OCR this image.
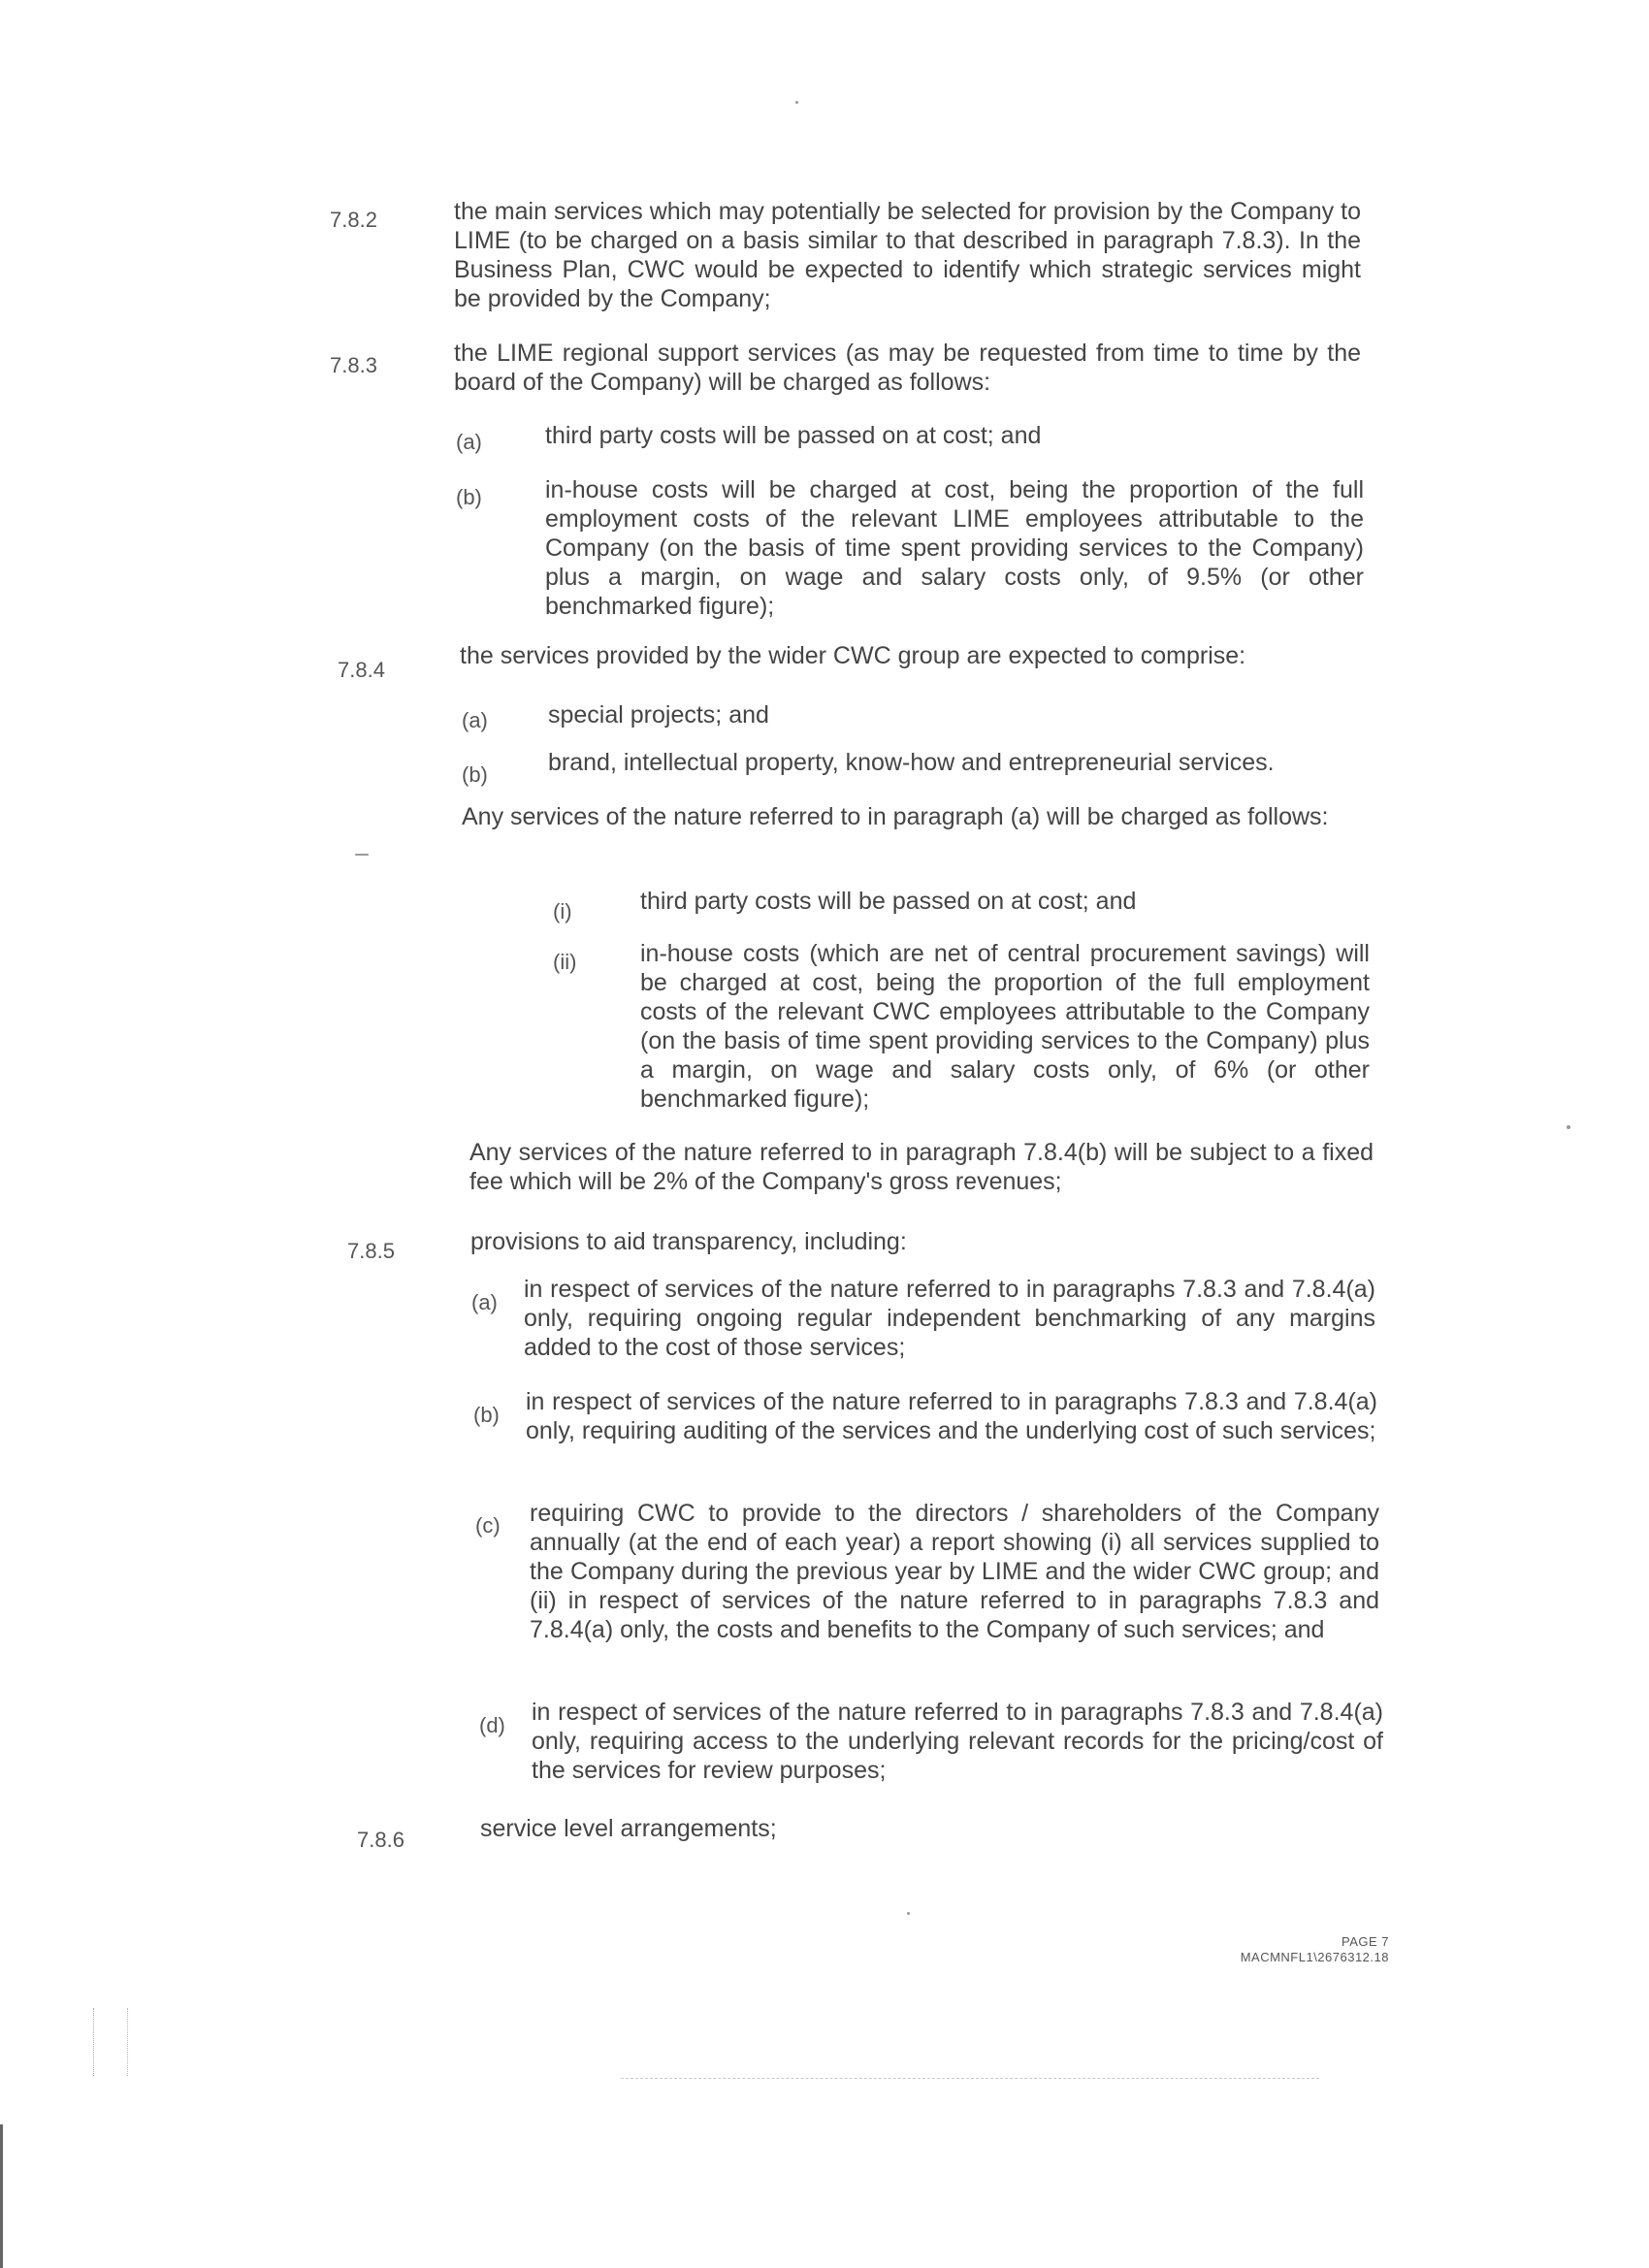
7.8.2	the main services which may potentially be selected for provision by the Company to LIME (to be charged on a basis similar to that described in paragraph 7.8.3). In the Business Plan, CWC would be expected to identify which strategic services might be provided by the Company;

7.8.3	the LIME regional support services (as may be requested from time to time by the board of the Company) will be charged as follows:

(a)	third party costs will be passed on at cost; and

(b)	in-house costs will be charged at cost, being the proportion of the full employment costs of the relevant LIME employees attributable to the Company (on the basis of time spent providing services to the Company) plus a margin, on wage and salary costs only, of 9.5% (or other benchmarked figure);

7.8.4

the services provided by the wider CWC group are expected to comprise:

(a) special projects; and

(b) brand, intellectual property, know-how and entrepreneurial services.

Any services of the nature referred to in paragraph (a) will be charged as follows:

(i)	third party costs will be passed on at cost; and

(ii)	in-house costs (which are net of central procurement savings) will be charged at cost, being the proportion of the full employment costs of the relevant CWC employees attributable to the Company (on the basis of time spent providing services to the Company) plus a margin, on wage and salary costs only, of 6% (or other benchmarked figure);

Any services of the nature referred to in paragraph 7.8.4(b) will be subject to a fixed fee which will be 2% of the Company's gross revenues;

7.8.5	provisions to aid transparency, including:

(a) in respect of services of the nature referred to in paragraphs 7.8.3 and 7.8.4(a) only, requiring ongoing regular independent benchmarking of any margins added to the cost of those services;

(b) in respect of services of the nature referred to in paragraphs 7.8.3 and 7.8.4(a) only, requiring auditing of the services and the underlying cost of such services;

(c) requiring CWC to provide to the directors / shareholders of the Company annually (at the end of each year) a report showing (i) all services supplied to the Company during the previous year by LIME and the wider CWC group; and (ii) in respect of services of the nature referred to in paragraphs 7.8.3 and 7.8.4(a) only, the costs and benefits to the Company of such services; and

(d) in respect of services of the nature referred to in paragraphs 7.8.3 and 7.8.4(a) only, requiring access to the underlying relevant records for the pricing/cost of the services for review purposes;

7.8.6	service level arrangements;

PAGE 7
MACMNFL1\2676312.18
